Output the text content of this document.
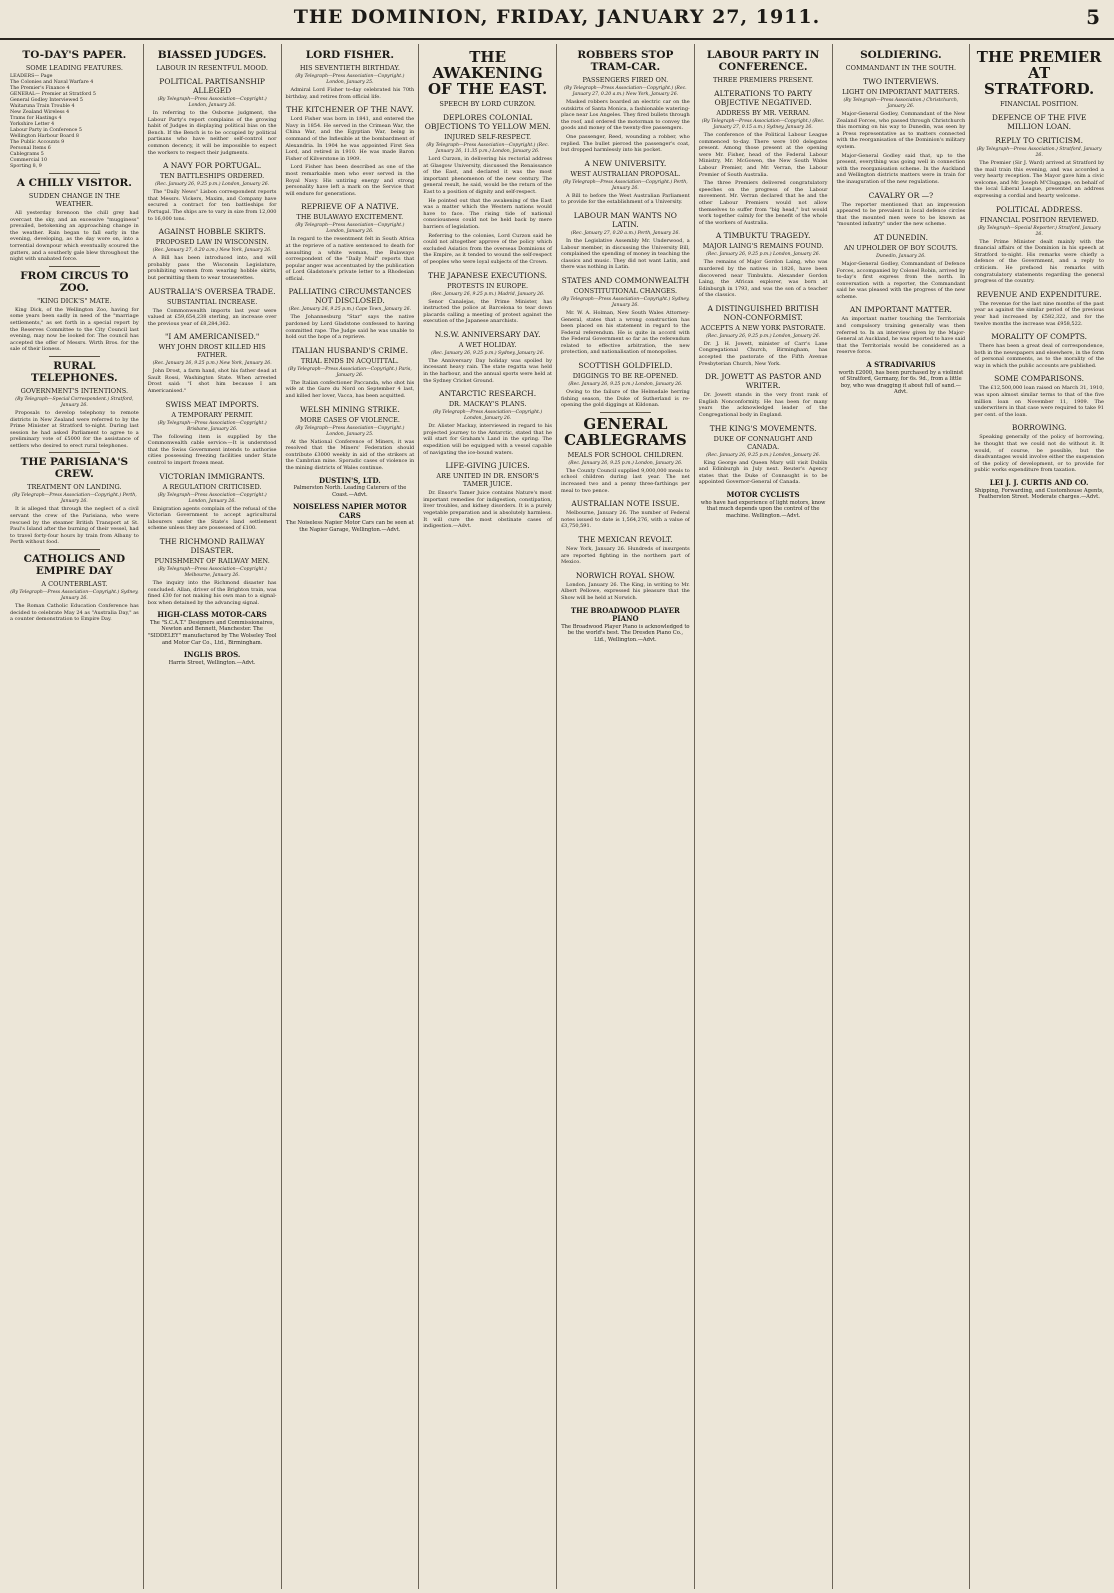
THE DOMINION, FRIDAY, JANUARY 27, 1911.	5
TO-DAY'S PAPER.
SOME LEADING FEATURES.
LEADERS— Page
The Colonies and Naval Warfare 4
The Premier's Finance 4
GENERAL— Premier at Stratford 5
General Godley Interviewed 5
Waitaruna Train Trouble 4
New Zealand Wireless 4
Trams for Hastings 4
Yorkshire Letter 4
Labour Party in Conference 5
Wellington Harbour Board 8
The Public Accounts 9
Personal Items 6
Cablegrams 5
Commercial 10
Sporting 8, 9
A CHILLY VISITOR.
SUDDEN CHANGE IN THE WEATHER.
All yesterday forenoon the chill grey had overcast the sky, and an excessive "mugginess" prevailed, betokening an approaching change in the weather. Rain began to fall early in the evening, developing, as the day wore on, into a torrential downpour which eventually scoured the gutters, and a southerly gale blew throughout the night with unabated force.
FROM CIRCUS TO ZOO.
"KING DICK'S" MATE.
King Dick, of the Wellington Zoo, having for some years been sadly in need of the "marriage settlements," as set forth in a special report by the Reserves Committee to the City Council last evening, may now be looked for. The council has accepted the offer of Messrs. Wirth Bros. for the sale of their lioness.
RURAL TELEPHONES.
GOVERNMENT'S INTENTIONS.
(By Telegraph—Special Correspondent.) Stratford, January 26.
Proposals to develop telephony to remote districts in New Zealand were referred to by the Prime Minister at Stratford to-night. During last session he had asked Parliament to agree to a preliminary vote of £5000 for the assistance of settlers who desired to erect rural telephones.
THE PARISIANA'S CREW.
TREATMENT ON LANDING.
(By Telegraph—Press Association—Copyright.) Perth, January 26.
It is alleged that through the neglect of a civil servant the crew of the Parisiana, who were rescued by the steamer British Transport at St. Paul's Island after the burning of their vessel, had to travel forty-four hours by train from Albany to Perth without food.
CATHOLICS AND EMPIRE DAY
A COUNTERBLAST.
(By Telegraph—Press Association—Copyright.) Sydney, January 26.
The Roman Catholic Education Conference has decided to celebrate May 24 as "Australia Day," as a counter demonstration to Empire Day.
BIASSED JUDGES.
LABOUR IN RESENTFUL MOOD.
POLITICAL PARTISANSHIP ALLEGED
(By Telegraph—Press Association—Copyright.) London, January 26.
In referring to the Osborne judgment, the Labour Party's report complains of the growing habit of Judges in displaying political bias on the Bench. If the Bench is to be occupied by political partisans who have neither self-control nor common decency, it will be impossible to expect the workers to respect their judgments.
A NAVY FOR PORTUGAL.
TEN BATTLESHIPS ORDERED.
(Rec. January 26, 9.25 p.m.) London, January 26.
The "Daily News" Lisbon correspondent reports that Messrs. Vickers, Maxim, and Company have secured a contract for ten battleships for Portugal. The ships are to vary in size from 12,000 to 16,000 tons.
AGAINST HOBBLE SKIRTS.
PROPOSED LAW IN WISCONSIN.
(Rec. January 27, 0.20 a.m.) New York, January 26.
A Bill has been introduced into, and will probably pass the Wisconsin Legislature, prohibiting women from wearing hobble skirts, but permitting them to wear trouserettes.
AUSTRALIA'S OVERSEA TRADE.
SUBSTANTIAL INCREASE.
The Commonwealth imports last year were valued at £59,654,238 sterling, an increase over the previous year of £8,284,362.
"I AM AMERICANISED."
WHY JOHN DROST KILLED HIS FATHER.
(Rec. January 26, 9.25 p.m.) New York, January 26.
John Drost, a farm hand, shot his father dead at Sault Rossi, Washington State. When arrested Drost said: "I shot him because I am Americanised."
SWISS MEAT IMPORTS.
A TEMPORARY PERMIT.
(By Telegraph—Press Association—Copyright.) Brisbane, January 26.
The following item is supplied by the Commonwealth cable service:—It is understood that the Swiss Government intends to authorise cities possessing freezing facilities under State control to import frozen meat.
VICTORIAN IMMIGRANTS.
A REGULATION CRITICISED.
(By Telegraph—Press Association—Copyright.) London, January 26.
Emigration agents complain of the refusal of the Victorian Government to accept agricultural labourers under the State's land settlement scheme unless they are possessed of £100.
THE RICHMOND RAILWAY DISASTER.
PUNISHMENT OF RAILWAY MEN.
(By Telegraph—Press Association—Copyright.) Melbourne, January 26.
The inquiry into the Richmond disaster has concluded. Allan, driver of the Brighton train, was fined £30 for not making his own man to a signal-box when detained by the advancing signal.
HIGH-CLASS MOTOR-CARS
The "S.C.A.T." Designers and Commissionaires, Newton and Bennett, Manchester. The "SIDDELEY" manufactured by The Wolseley Tool and Motor Car Co., Ltd., Birmingham.
INGLIS BROS.
Harris Street, Wellington.—Advt.
LORD FISHER.
HIS SEVENTIETH BIRTHDAY.
(By Telegraph—Press Association—Copyright.) London, January 25.
Admiral Lord Fisher to-day celebrated his 70th birthday, and retires from official life.
THE KITCHENER OF THE NAVY.
Lord Fisher was born in 1841, and entered the Navy in 1854. He served in the Crimean War, the China War, and the Egyptian War, being in command of the Inflexible at the bombardment of Alexandria. In 1904 he was appointed First Sea Lord, and retired in 1910. He was made Baron Fisher of Kilverstone in 1909.
Lord Fisher has been described as one of the most remarkable men who ever served in the Royal Navy. His untiring energy and strong personality have left a mark on the Service that will endure for generations.
REPRIEVE OF A NATIVE.
THE BULAWAYO EXCITEMENT.
(By Telegraph—Press Association—Copyright.) London, January 26.
In regard to the resentment felt in South Africa at the reprieve of a native sentenced to death for assaulting a white woman, the Bulawayo correspondent of the "Daily Mail" reports that popular anger was accentuated by the publication of Lord Gladstone's private letter to a Rhodesian official.
PALLIATING CIRCUMSTANCES NOT DISCLOSED.
(Rec. January 26, 9.25 p.m.) Cape Town, January 26.
The Johannesburg "Star" says the native pardoned by Lord Gladstone confessed to having committed rape. The Judge said he was unable to hold out the hope of a reprieve.
ITALIAN HUSBAND'S CRIME.
TRIAL ENDS IN ACQUITTAL.
(By Telegraph—Press Association—Copyright.) Paris, January 26.
The Italian confectioner Paccanda, who shot his wife at the Gare du Nord on September 4 last, and killed her lover, Vacca, has been acquitted.
WELSH MINING STRIKE.
MORE CASES OF VIOLENCE.
(By Telegraph—Press Association—Copyright.) London, January 25.
At the National Conference of Miners, it was resolved that the Miners' Federation should contribute £3000 weekly in aid of the strikers at the Cambrian mine. Sporadic cases of violence in the mining districts of Wales continue.
DUSTIN'S, LTD.
Palmerston North. Leading Caterers of the Coast.—Advt.
NOISELESS NAPIER MOTOR CARS
The Noiseless Napier Motor Cars can be seen at the Napier Garage, Wellington.—Advt.
THE AWAKENING OF THE EAST.
SPEECH BY LORD CURZON.
DEPLORES COLONIAL OBJECTIONS TO YELLOW MEN.
INJURED SELF-RESPECT.
(By Telegraph—Press Association—Copyright.) (Rec. January 26, 11.35 p.m.) London, January 26.
Lord Curzon, in delivering his rectorial address at Glasgow University, discussed the Renaissance of the East, and declared it was the most important phenomenon of the new century. The general result, he said, would be the return of the East to a position of dignity and self-respect.
He pointed out that the awakening of the East was a matter which the Western nations would have to face. The rising tide of national consciousness could not be held back by mere barriers of legislation.
Referring to the colonies, Lord Curzon said he could not altogether approve of the policy which excluded Asiatics from the overseas Dominions of the Empire, as it tended to wound the self-respect of peoples who were loyal subjects of the Crown.
THE JAPANESE EXECUTIONS.
PROTESTS IN EUROPE.
(Rec. January 26, 9.25 p.m.) Madrid, January 26.
Senor Canalejas, the Prime Minister, has instructed the police at Barcelona to tear down placards calling a meeting of protest against the execution of the Japanese anarchists.
N.S.W. ANNIVERSARY DAY.
A WET HOLIDAY.
(Rec. January 26, 9.25 p.m.) Sydney, January 26.
The Anniversary Day holiday was spoiled by incessant heavy rain. The state regatta was held in the harbour, and the annual sports were held at the Sydney Cricket Ground.
ANTARCTIC RESEARCH.
DR. MACKAY'S PLANS.
(By Telegraph—Press Association—Copyright.) London, January 26.
Dr. Alister Mackay, interviewed in regard to his projected journey to the Antarctic, stated that he will start for Graham's Land in the spring. The expedition will be equipped with a vessel capable of navigating the ice-bound waters.
LIFE-GIVING JUICES.
ARE UNITED IN DR. ENSOR'S TAMER JUICE.
Dr. Ensor's Tamer Juice contains Nature's most important remedies for indigestion, constipation, liver troubles, and kidney disorders. It is a purely vegetable preparation and is absolutely harmless. It will cure the most obstinate cases of indigestion.—Advt.
ROBBERS STOP TRAM-CAR.
PASSENGERS FIRED ON.
(By Telegraph—Press Association—Copyright.) (Rec. January 27, 0.20 a.m.) New York, January 26.
Masked robbers boarded an electric car on the outskirts of Santa Monica, a fashionable watering-place near Los Angeles. They fired bullets through the roof, and ordered the motorman to convey the goods and money of the twenty-five passengers.
One passenger, Reed, wounding a robber, who replied. The bullet pierced the passenger's coat, but dropped harmlessly into his pocket.
A NEW UNIVERSITY.
WEST AUSTRALIAN PROPOSAL.
(By Telegraph—Press Association—Copyright.) Perth, January 26.
A Bill to before the West Australian Parliament to provide for the establishment of a University.
LABOUR MAN WANTS NO LATIN.
(Rec. January 27, 0.20 a.m.) Perth, January 26.
In the Legislative Assembly Mr. Underwood, a Labour member, in discussing the University Bill, complained the spending of money in teaching the classics and music. They did not want Latin, and there was nothing in Latin.
STATES AND COMMONWEALTH
CONSTITUTIONAL CHANGES.
(By Telegraph—Press Association—Copyright.) Sydney, January 26.
Mr. W. A. Holman, New South Wales Attorney-General, states that a wrong construction has been placed on his statement in regard to the Federal referendum. He is quite in accord with the Federal Government so far as the referendum related to effective arbitration, the new protection, and nationalisation of monopolies.
SCOTTISH GOLDFIELD.
DIGGINGS TO BE RE-OPENED.
(Rec. January 26, 9.25 p.m.) London, January 26.
Owing to the failure of the Helmsdale herring fishing season, the Duke of Sutherland is re-opening the gold diggings at Kildonan.
GENERAL CABLEGRAMS
MEALS FOR SCHOOL CHILDREN.
(Rec. January 26, 9.25 p.m.) London, January 26.
The County Council supplied 9,000,000 meals to school children during last year. The net increased two and a penny three-farthings per meal to two pence.
AUSTRALIAN NOTE ISSUE.
Melbourne, January 26. The number of Federal notes issued to date is 1,564,276, with a value of £3,750,591.
THE MEXICAN REVOLT.
New York, January 26. Hundreds of insurgents are reported fighting in the northern part of Mexico.
NORWICH ROYAL SHOW.
London, January 26. The King, in writing to Mr. Albert Pellowe, expressed his pleasure that the Show will be held at Norwich.
THE BROADWOOD PLAYER PIANO
The Broadwood Player Piano is acknowledged to be the world's best. The Dresden Piano Co., Ltd., Wellington.—Advt.
LABOUR PARTY IN CONFERENCE.
THREE PREMIERS PRESENT.
ALTERATIONS TO PARTY OBJECTIVE NEGATIVED.
ADDRESS BY MR. VERRAN.
(By Telegraph—Press Association—Copyright.) (Rec. January 27, 0.15 a.m.) Sydney, January 26.
The conference of the Political Labour League commenced to-day. There were 100 delegates present. Among those present at the opening were Mr. Fisher, head of the Federal Labour Ministry, Mr. McGowen, the New South Wales Labour Premier, and Mr. Verran, the Labour Premier of South Australia.
The three Premiers delivered congratulatory speeches on the progress of the Labour movement. Mr. Verran declared that he and the other Labour Premiers would not allow themselves to suffer from "big head," but would work together calmly for the benefit of the whole of the workers of Australia.
A TIMBUKTU TRAGEDY.
MAJOR LAING'S REMAINS FOUND.
(Rec. January 26, 9.25 p.m.) London, January 26.
The remains of Major Gordon Laing, who was murdered by the natives in 1826, have been discovered near Timbuktu. Alexander Gordon Laing, the African explorer, was born at Edinburgh in 1793, and was the son of a teacher of the classics.
A DISTINGUISHED BRITISH NON-CONFORMIST.
ACCEPTS A NEW YORK PASTORATE.
(Rec. January 26, 9.25 p.m.) London, January 26.
Dr. J. H. Jowett, minister of Carr's Lane Congregational Church, Birmingham, has accepted the pastorate of the Fifth Avenue Presbyterian Church, New York.
DR. JOWETT AS PASTOR AND WRITER.
Dr. Jowett stands in the very front rank of English Nonconformity. He has been for many years the acknowledged leader of the Congregational body in England.
THE KING'S MOVEMENTS.
DUKE OF CONNAUGHT AND CANADA.
(Rec. January 26, 9.25 p.m.) London, January 26.
King George and Queen Mary will visit Dublin and Edinburgh in July next. Reuter's Agency states that the Duke of Connaught is to be appointed Governor-General of Canada.
MOTOR CYCLISTS
who have had experience of light motors, know that much depends upon the control of the machine. Wellington.—Advt.
SOLDIERING.
COMMANDANT IN THE SOUTH.
TWO INTERVIEWS.
LIGHT ON IMPORTANT MATTERS.
(By Telegraph—Press Association.) Christchurch, January 26.
Major-General Godley, Commandant of the New Zealand Forces, who passed through Christchurch this morning on his way to Dunedin, was seen by a Press representative as to matters connected with the reorganisation of the Dominion's military system.
Major-General Godley said that, up to the present, everything was going well in connection with the reorganisation scheme. In the Auckland and Wellington districts matters were in train for the inauguration of the new regulations.
CAVALRY OR —?
The reporter mentioned that an impression appeared to be prevalent in local defence circles that the mounted men were to be known as "mounted infantry" under the new scheme.
AT DUNEDIN.
AN UPHOLDER OF BOY SCOUTS.
Dunedin, January 26.
Major-General Godley, Commandant of Defence Forces, accompanied by Colonel Robin, arrived by to-day's first express from the north. In conversation with a reporter, the Commandant said he was pleased with the progress of the new scheme.
AN IMPORTANT MATTER.
An important matter touching the Territorials and compulsory training generally was then referred to. In an interview given by the Major-General at Auckland, he was reported to have said that the Territorials would be considered as a reserve force.
A STRADIVARIUS
worth £2000, has been purchased by a violinist of Stratford, Germany, for 6s. 9d., from a little boy, who was dragging it about full of sand.—Advt.
THE PREMIER AT STRATFORD.
FINANCIAL POSITION.
DEFENCE OF THE FIVE MILLION LOAN.
REPLY TO CRITICISM.
(By Telegraph—Press Association.) Stratford, January 26.
The Premier (Sir J. Ward) arrived at Stratford by the mail train this evening, and was accorded a very hearty reception. The Mayor gave him a civic welcome, and Mr. Joseph M'Cluggage, on behalf of the local Liberal League, presented an address expressing a cordial and hearty welcome.
POLITICAL ADDRESS.
FINANCIAL POSITION REVIEWED.
(By Telegraph—Special Reporter.) Stratford, January 26.
The Prime Minister dealt mainly with the financial affairs of the Dominion in his speech at Stratford to-night. His remarks were chiefly a defence of the Government, and a reply to criticism. He prefaced his remarks with congratulatory statements regarding the general progress of the country.
REVENUE AND EXPENDITURE.
The revenue for the last nine months of the past year as against the similar period of the previous year had increased by £582,322, and for the twelve months the increase was £958,522.
MORALITY OF COMPTS.
There has been a great deal of correspondence, both in the newspapers and elsewhere, in the form of personal comments, as to the morality of the way in which the public accounts are published.
SOME COMPARISONS.
The £12,500,000 loan raised on March 31, 1910, was upon almost similar terms to that of the five million loan on November 11, 1909. The underwriters in that case were required to take 91 per cent. of the loan.
BORROWING.
Speaking generally of the policy of borrowing, he thought that we could not do without it. It would, of course, be possible, but the disadvantages would involve either the suspension of the policy of development, or to provide for public works expenditure from taxation.
LEI J. J. CURTIS AND CO.
Shipping, Forwarding, and Customhouse Agents, Featherston Street. Moderate charges.—Advt.
